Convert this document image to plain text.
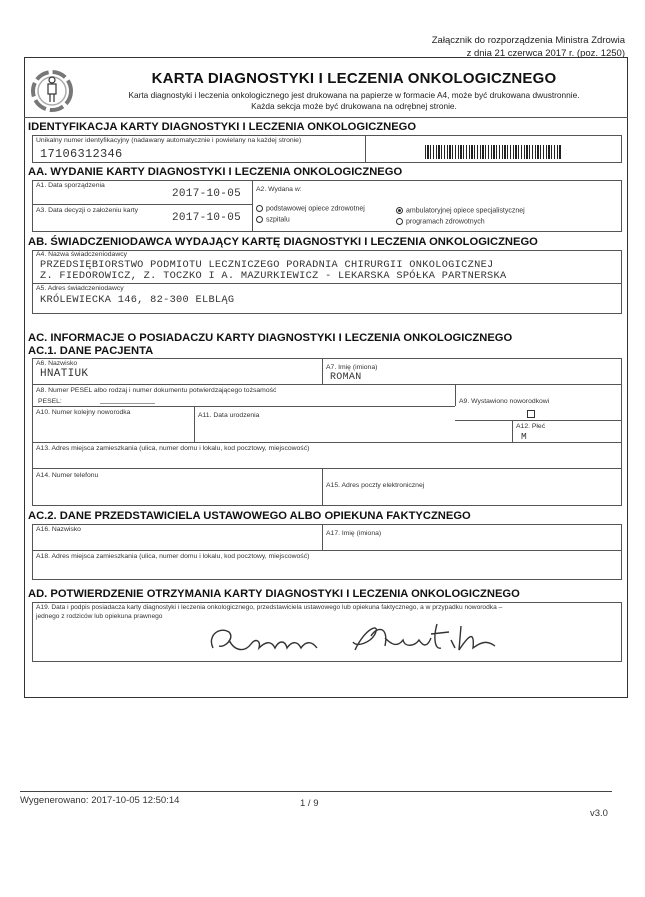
Załącznik do rozporządzenia Ministra Zdrowia
z dnia 21 czerwca 2017 r. (poz. 1250)
KARTA DIAGNOSTYKI I LECZENIA ONKOLOGICZNEGO
Karta diagnostyki i leczenia onkologicznego jest drukowana na papierze w formacie A4, może być drukowana dwustronnie.
Każda sekcja może być drukowana na odrębnej stronie.
IDENTYFIKACJA KARTY DIAGNOSTYKI I LECZENIA ONKOLOGICZNEGO
Unikalny numer identyfikacyjny (nadawany automatycznie i powielany na każdej stronie)
17106312346
AA. WYDANIE KARTY DIAGNOSTYKI I LECZENIA ONKOLOGICZNEGO
A1. Data sporządzenia
2017-10-05
A3. Data decyzji o założeniu karty
2017-10-05
A2. Wydana w:
podstawowej opiece zdrowotnej
szpitalu
ambulatoryjnej opiece specjalistycznej
programach zdrowotnych
AB. ŚWIADCZENIODAWCA WYDAJĄCY KARTĘ DIAGNOSTYKI I LECZENIA ONKOLOGICZNEGO
A4. Nazwa świadczeniodawcy
PRZEDSIĘBIORSTWO PODMIOTU LECZNICZEGO PORADNIA CHIRURGII ONKOLOGICZNEJ
Z. FIEDOROWICZ, Z. TOCZKO I A. MAZURKIEWICZ - LEKARSKA SPÓŁKA PARTNERSKA
A5. Adres świadczeniodawcy
KRÓLEWIECKA 146, 82-300 ELBLĄG
AC. INFORMACJE O POSIADACZU KARTY DIAGNOSTYKI I LECZENIA ONKOLOGICZNEGO
AC.1. DANE PACJENTA
A6. Nazwisko
HNATIUK
A7. Imię (imiona)
ROMAN
A8. Numer PESEL albo rodzaj i numer dokumentu potwierdzającego tożsamość
PESEL:	A9. Wystawiono noworodkowi
A10. Numer kolejny noworodka	A11. Data urodzenia
A12. Płeć
M
A13. Adres miejsca zamieszkania (ulica, numer domu i lokalu, kod pocztowy, miejscowość)
A14. Numer telefonu
A15. Adres poczty elektronicznej
AC.2. DANE PRZEDSTAWICIELA USTAWOWEGO ALBO OPIEKUNA FAKTYCZNEGO
A16. Nazwisko
A17. Imię (imiona)
A18. Adres miejsca zamieszkania (ulica, numer domu i lokalu, kod pocztowy, miejscowość)
AD. POTWIERDZENIE OTRZYMANIA KARTY DIAGNOSTYKI I LECZENIA ONKOLOGICZNEGO
A19. Data i podpis posiadacza karty diagnostyki i leczenia onkologicznego, przedstawiciela ustawowego lub opiekuna faktycznego, a w przypadku noworodka –
jednego z rodziców lub opiekuna prawnego
Wygenerowano: 2017-10-05 12:50:14	1 / 9
v3.0
